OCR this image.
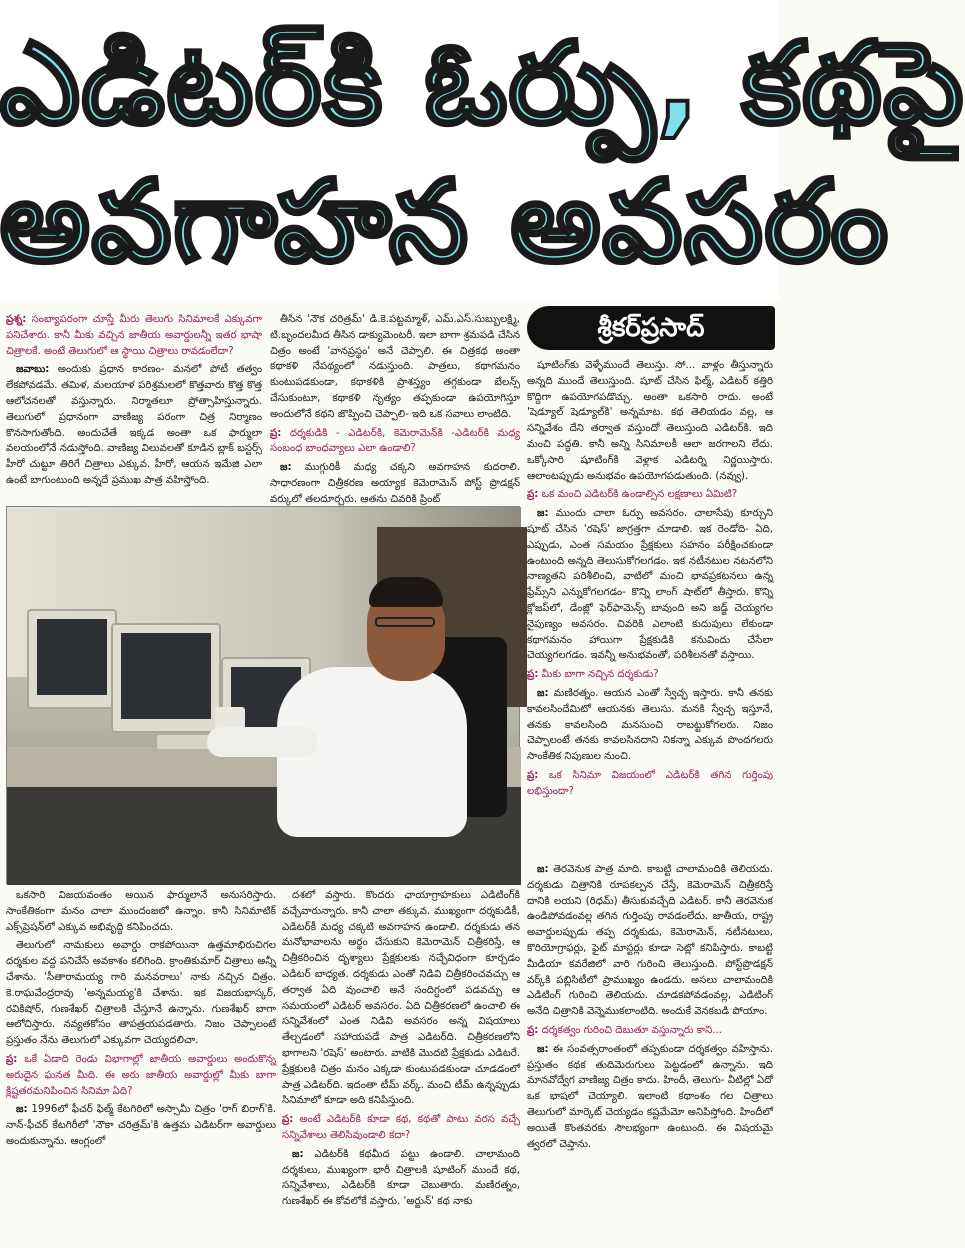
ఎడిటర్‌కి ఓర్పు, కథపై
అవగాహన అవసరం
శ్రీకర్‌ప్రసాద్

ప్రశ్న: సంబ్యాపరంగా చూస్తే మీరు తెలుగు సినిమాలకే ఎక్కువగా పనిచేశారు. కానీ మీకు వచ్చిన జాతీయ అవార్డులన్నీ ఇతర భాషా చిత్రాలకే. అంటే తెలుగులో ఆ స్థాయి చిత్రాలు రావడంలేదా?

జవాబు: అందుకు ప్రధాన కారణం- మనలో పోటీ తత్వం లేకపోవడమే. తమిళ, మలయాళ పరిశ్రమలలో కొత్తవారు కొత్త కొత్త ఆలోచనలతో వస్తున్నారు. నిర్మాతలూ ప్రోత్సాహిస్తున్నారు. తెలుగులో ప్రధానంగా వాణిజ్య పరంగా చిత్ర నిర్మాణం కొనసాగుతోంది. అందుచేతే ఇక్కడ అంతా ఒక ఫార్ములా వలయంలోనే నడుస్తోంది. వాణిజ్య విలువలతో కూడిన బ్లాక్ బస్టర్స్ హీరో చుట్టూ తిరిగే చిత్రాలు ఎక్కువ. హీరో, ఆయన ఇమేజి ఎలా ఉంటే బాగుంటుంది అన్నదే ప్రముఖ పాత్ర వహిస్తోంది.

తీసిన 'నౌక చరిత్రమ్' డి.కె.పట్టమ్మాళ్, ఎమ్.ఎస్.సుబ్బులక్ష్మి, టి.బృందలమీద తీసిన డాక్యుమెంటరీ. ఇలా బాగా శ్రమపడి చేసిన చిత్రం అంటే 'వానప్రస్థం' అనే చెప్పాలి. ఈ చిత్రకథ అంతా కథాకళి నేపథ్యంలో నడుస్తుంది. పాత్రలు, కథాగమనం కుంటుపడకుండా, కథాకళికి ప్రాశస్త్యం తగ్గకుండా బేలన్స్ చేసుకుంటూ, కథాకళి నృత్యం తప్పకుండా ఉపయోగిస్తూ అందులోనే కథని జొప్పించి చెప్పాలి- ఇది ఒక సవాలు లాంటిది.

ప్ర: దర్శకుడికి - ఎడిటర్‌కి, కెమెరామెన్‌కి -ఎడిటర్‌కి మధ్య సంబంధ బాంధవ్యాలు ఎలా ఉండాలి?

జ: ముగ్గురికీ మధ్య చక్కని అవగాహన కుదరాలి. సాధారణంగా చిత్రీకరణ అయ్యాక కెమెరామెన్ పోస్ట్ ప్రొడక్షన్ వర్కులో తలదూర్చరు. ఆతను చివరికి ప్రింట్

షూటింగ్‌కు వెళ్ళేముందే తెలుస్తు. సో... వాళ్లం తీస్తున్నారు అన్నది ముందే తెలుస్తుంది. షూట్ చేసిన ఫిల్మ్, ఎడిటర్ కత్తిరి కొద్దిగా ఉపయోగపడొచ్చు. అంతా ఒకసారి రాదు. అంటే 'షెడ్యూల్ షెడ్యూల్‌కి' అన్నమాట. కథ తెలియడం వల్ల, ఆ సన్నివేశం దేని తర్వాత వస్తుందో తెలుస్తుంది ఎడిటర్‌కి. ఇది మంచి పద్ధతి. కానీ అన్ని సినిమాలకీ ఆలా జరగాలని లేదు. ఒక్కోసారి షూటింగ్‌కి వెళ్లాక ఎడిటర్ని నిర్ణయిస్తారు. ఆలాంటప్పుడు అనుభవం ఉపయోగపడుతుంది. (నవ్వు).

ప్ర: ఒక మంచి ఎడిటర్‌కి ఉండాల్సిన లక్షణాలు ఏమిటి?

జ: ముందు చాలా ఓర్పు అవసరం. చాలాసేపు కూర్చుని షూట్ చేసిన 'రషెస్' జాగ్రత్తగా చూడాలి. ఇక రెండోది- ఏది, ఎప్పుడు, ఎంత సమయం ప్రేక్షకులు సహనం పరీక్షించకుండా ఉంటుంది అన్నది తెలుసుకోగలగడం. ఇక నటీనటుల నటనలోని నాణ్యతని పరిశీలించి, వాటిలో మంచి భావప్రకటనలు ఉన్న ఫ్రేమ్స్‌ని ఎన్నుకోగలగడం- కొన్ని లాంగ్ షాట్‌లో తీస్తారు. కొన్ని క్లోజప్‌లో, డేంజ్లో ఫెర్‌ఫామెన్స్ బావుంది అని జడ్జ్ చెయ్యగల నైపుణ్యం అవసరం. చివరికి ఎలాంటి కుదుపులు లేకుండా కథాగమనం హాయిగా ప్రేక్షకుడికి కనువిందు చేసేలా చెయ్యగలగడం. ఇవన్నీ అనుభవంతో, పరిశీలనతో వస్తాయి.

ప్ర: మీకు బాగా నచ్చిన దర్శకుడు?

జ: మణిరత్నం. ఆయన ఎంతో స్వేచ్ఛ ఇస్తారు. కానీ తనకు కావలసిందేమిటో ఆయనకు తెలుసు. మనకి స్వేచ్ఛ ఇస్తూనే, తనకు కావలసింది మనసుంచి రాబట్టుకోగలరు. నిజం చెప్పాలంటే తనకు కావలసినదాని నికన్నా ఎక్కువ పొందగలరు సాంకేతిక నిపుణుల నుంచి.

ప్ర: ఒక సినిమా విజయంలో ఎడిటర్‌కి తగిన గుర్తింపు లభిస్తుందా?

ఒకసారి విజయవంతం అయిన ఫార్ములానే అనుసరిస్తారు. సాంకేతికంగా మనం చాలా ముందంజలో ఉన్నాం. కానీ సినిమాటిక్ ఎక్స్‌ప్రెషన్‌లో ఎక్కువ అభివృద్ధి కనిపించదు.

తెలుగులో నామకులు అవార్డు రాకపోయినా ఉత్తమాభిరుచిగల దర్శకుల వద్ద పనిచేసే అవకాశం కలిగింది. క్రాంతికుమార్ చిత్రాలు అన్నీ చేశాను. 'సీతారామయ్య గారి మనవరాలు' నాకు నచ్చిన చిత్రం. కె.రాఘవేంద్రరావు 'అన్నమయ్య'కి చేశాను. ఇక విజయభాస్కర్, రవికిషోర్, గుణశేఖర్ చిత్రాలకి చేస్తూనే ఉన్నాను. గుణశేఖర్ బాగా ఆలోచిస్తారు. నవ్యతకోసం తాపత్రయపడతారు. నిజం చెప్పాలంటే ప్రస్తుతం నేను తెలుగులో ఎక్కువగా చెయ్యదలిచా.

ప్ర: ఒకే ఏడాది రెండు విభాగాల్లో జాతీయ అవార్డులు అందుకొన్న అరుదైన ఘనత మీది. ఈ అరు జాతీయ అవార్డుల్లో మీకు బాగా క్లిష్టతరమనిపించిన సినిమా ఏది?

జ: 1996లో ఫీచర్ ఫిల్మ్ కేటగిరిలో అస్సామీ చిత్రం 'రాగ్ బిరాగ్'కి. నాన్-ఫీచర్ కేటగిరీలో 'నౌకా చరిత్రమ్'కి ఉత్తమ ఎడిటర్‌గా అవార్డులు అందుకున్నాను. ఆంగ్లంలో

దశలో వస్తారు. కొందరు ఛాయాగ్రాహకులు ఎడిటింగ్‌కి వచ్చేవారున్నారు. కానీ చాలా తక్కువ. ముఖ్యంగా దర్శకుడికీ, ఎడిటర్‌కీ మధ్య చక్కటి అవగాహన ఉండాలి. దర్శకుడు తన మనోభావాలను అర్థం చేసుకుని కెమెరామెన్ చిత్రీకరిస్తే, ఆ చిత్రీకరించిన దృశ్యాలు ప్రేక్షకులకు నచ్చేవిధంగా కూర్చడం ఎడిటర్ బాధ్యత. దర్శకుడు ఎంతో నిడివి చిత్రీకరించవచ్చు ఆ తర్వాత ఏది వుంచాలి అనే సందిగ్ధంలో పడవచ్చు ఆ సమయంలో ఎడిటర్ అవసరం. ఏది చిత్రీకరణలో ఉంచాలి ఈ సన్నివేశంలో ఎంత నిడివి అవసరం అన్న విషయాలు తేల్చడంలో సహాయపడే పాత్ర ఎడిటర్‌ది. చిత్రీకరణలోని భాగాలని 'రషెస్' అంటారు. వాటికి మొదటి ప్రేక్షకుడు ఎడిటరే. ప్రేక్షకులకి చిత్రం మనం ఎక్కడా కుంటుపడకుండా చూడడంలో పాత్ర ఎడిటర్‌ది. ఇదంతా టీమ్ వర్క్. మంచి టీమ్ ఉన్నప్పుడు సినిమాలో కూడా అది కనిపిస్తుంది.

ప్ర: అంటే ఎడిటర్‌కి కూడా కథ, కథతో పాటు వరస వచ్చే సన్నివేశాలు తెలిసివుండాలి కదా?

జ: ఎడిటర్‌కి కథమీద పట్టు ఉండాలి. చాలామంది దర్శకులు, ముఖ్యంగా భారీ చిత్రాలకి షూటింగ్ ముందే కథ, సన్నివేశాలు, ఎడిటర్‌కి కూడా చెబుతారు. మణిరత్నం, గుణశేఖర్ ఈ కోవలోకే వస్తారు. 'అర్జున్' కథ నాకు

జ: తెరవెనుక పాత్ర మాది. కాబట్టి చాలామందికి తెలియదు. దర్శకుడు చిత్రానికి రూపకల్పన చేస్తే, కెమెరామెన్ చిత్రీకరిస్తే దానికి లయని (రిధమ్) తీసుకువచ్చేది ఎడిటర్. కానీ తెరవెనుక ఉండిపోవడంవల్ల తగిన గుర్తింపు రావడంలేదు. జాతీయ, రాష్ట్ర అవార్డులప్పుడు తప్ప దర్శకుడు, కెమెరామెన్, నటీనటులు, కొరియోగ్రాఫర్లు, ఫైట్ మాస్టర్లు కూడా సెట్లో కనిపిస్తారు. కాబట్టి మీడియా కవరేజిలో వారి గురించి తెలుస్తుంది. పోస్ట్‌ప్రొడక్షన్ వర్క్‌కి పబ్లిసిటీలో ప్రాముఖ్యం ఉండదు. అసలు చాలామందికి ఎడిటింగ్ గురించి తెలియదు. చూడకపోవడంవల్ల, ఎడిటింగ్ అనేది చిత్రానికి వెన్నెముకలాంటిది. అందుకే వెనకబడి పోయాం.

ప్ర: దర్శకత్వం గురించి దెబుతూ వస్తున్నారు కాని...

జ: ఈ సంవత్సరాంతంలో తప్పకుండా దర్శకత్వం వహిస్తాను. ప్రస్తుతం కథక తుదిమెరుగులు పెట్టడంలో ఉన్నాను. ఇది మానవోద్వేగ వాణిజ్య చిత్రం కాదు. హిందీ, తెలుగు- వీటిల్లో ఏదో ఒక భాషలో చెయ్యాలి. ఇలాంటి కథాంశం గల చిత్రాలు తెలుగులో మార్కెట్ చెయ్యడం కష్టమేమో అనిపిస్తోంది. హిందీలో అయితే కొంతవరకు సౌలభ్యంగా ఉంటుంది. ఈ విషయమై త్వరలో చెప్తాను.
